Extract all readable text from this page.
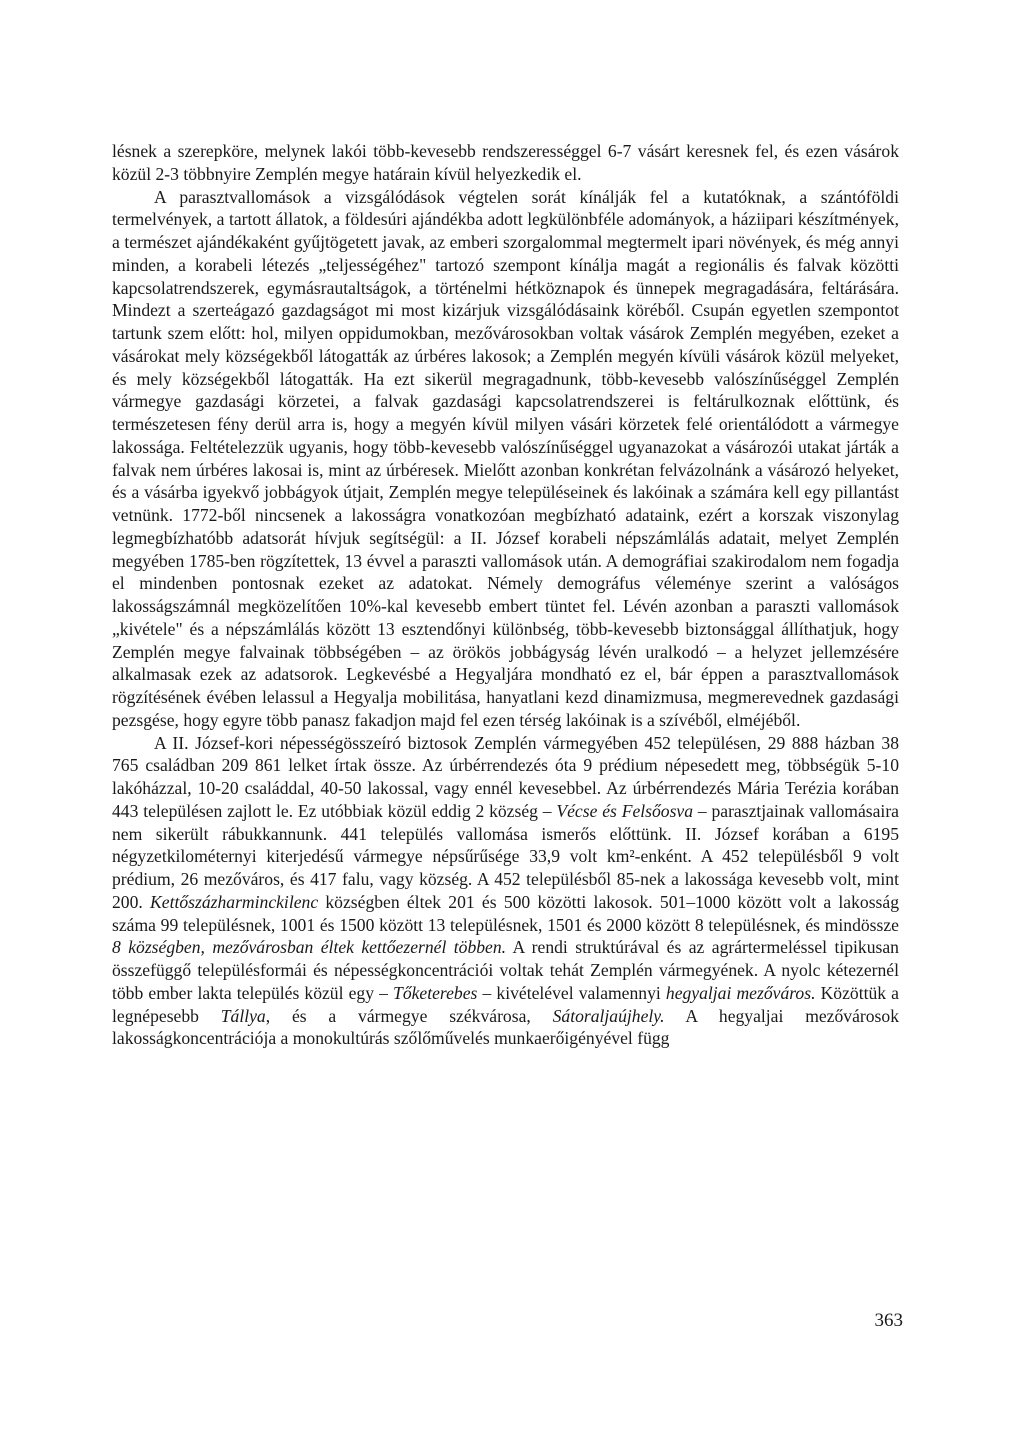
lésnek a szerepköre, melynek lakói több-kevesebb rendszerességgel 6-7 vásárt keresnek fel, és ezen vásárok közül 2-3 többnyire Zemplén megye határain kívül helyezkedik el.

A parasztvallomások a vizsgálódások végtelen sorát kínálják fel a kutatóknak, a szántóföldi termelvények, a tartott állatok, a földesúri ajándékba adott legkülönbféle adományok, a háziipari készítmények, a természet ajándékaként gyűjtögetett javak, az emberi szorgalommal megtermelt ipari növények, és még annyi minden, a korabeli létezés „teljességéhez" tartozó szempont kínálja magát a regionális és falvak közötti kapcsolatrendszerek, egymásrautaltságok, a történelmi hétköznapok és ünnepek megragadására, feltárására. Mindezt a szerteágazó gazdagságot mi most kizárjuk vizsgálódásaink köréből. Csupán egyetlen szempontot tartunk szem előtt: hol, milyen oppidumokban, mezővárosokban voltak vásárok Zemplén megyében, ezeket a vásárokat mely községekből látogatták az úrbéres lakosok; a Zemplén megyén kívüli vásárok közül melyeket, és mely községekből látogatták. Ha ezt sikerül megragadnunk, több-kevesebb valószínűséggel Zemplén vármegye gazdasági körzetei, a falvak gazdasági kapcsolatrendszerei is feltárulkoznak előttünk, és természetesen fény derül arra is, hogy a megyén kívül milyen vásári körzetek felé orientálódott a vármegye lakossága. Feltételezzük ugyanis, hogy több-kevesebb valószínűséggel ugyanazokat a vásározói utakat járták a falvak nem úrbéres lakosai is, mint az úrbéresek. Mielőtt azonban konkrétan felvázolnánk a vásározó helyeket, és a vásárba igyekvő jobbágyok útjait, Zemplén megye településeinek és lakóinak a számára kell egy pillantást vetnünk. 1772-ből nincsenek a lakosságra vonatkozóan megbízható adataink, ezért a korszak viszonylag legmegbízhatóbb adatsorát hívjuk segítségül: a II. József korabeli népszámlálás adatait, melyet Zemplén megyében 1785-ben rögzítettek, 13 évvel a paraszti vallomások után. A demográfiai szakirodalom nem fogadja el mindenben pontosnak ezeket az adatokat. Némely demográfus véleménye szerint a valóságos lakosságszámnál megközelítően 10%-kal kevesebb embert tüntet fel. Lévén azonban a paraszti vallomások „kivétele" és a népszámlálás között 13 esztendőnyi különbség, több-kevesebb biztonsággal állíthatjuk, hogy Zemplén megye falvainak többségében – az örökös jobbágyság lévén uralkodó – a helyzet jellemzésére alkalmasak ezek az adatsorok. Legkevésbé a Hegyaljára mondható ez el, bár éppen a parasztvallomások rögzítésének évében lelassul a Hegyalja mobilitása, hanyatlani kezd dinamizmusa, megmerevednek gazdasági pezsgése, hogy egyre több panasz fakadjon majd fel ezen térség lakóinak is a szívéből, elméjéből.

A II. József-kori népességösszeíró biztosok Zemplén vármegyében 452 településen, 29 888 házban 38 765 családban 209 861 lelket írtak össze. Az úrbérrendezés óta 9 prédium népesedett meg, többségük 5-10 lakóházzal, 10-20 családdal, 40-50 lakossal, vagy ennél kevesebbel. Az úrbérrendezés Mária Terézia korában 443 településen zajlott le. Ez utóbbiak közül eddig 2 község – Vécse és Felsőosva – parasztjainak vallomásaira nem sikerült rábukkannunk. 441 település vallomása ismerős előttünk. II. József korában a 6195 négyzetkilométernyi kiterjedésű vármegye népsűrűsége 33,9 volt km²-enként. A 452 településből 9 volt prédium, 26 mezőváros, és 417 falu, vagy község. A 452 településből 85-nek a lakossága kevesebb volt, mint 200. Kettőszázharminckilenc községben éltek 201 és 500 közötti lakosok. 501–1000 között volt a lakosság száma 99 településnek, 1001 és 1500 között 13 településnek, 1501 és 2000 között 8 településnek, és mindössze 8 községben, mezővárosban éltek kettőezernél többen. A rendi struktúrával és az agrártermeléssel tipikusan összefüggő településformái és népességkoncentrációi voltak tehát Zemplén vármegyének. A nyolc kétezernél több ember lakta település közül egy – Tőketerebes – kivételével valamennyi hegyaljai mezőváros. Közöttük a legnépesebb Tállya, és a vármegye székvárosa, Sátoraljaújhely. A hegyaljai mezővárosok lakosságkoncentrációja a monokultúrás szőlőművelés munkaerőigényével függ

363
